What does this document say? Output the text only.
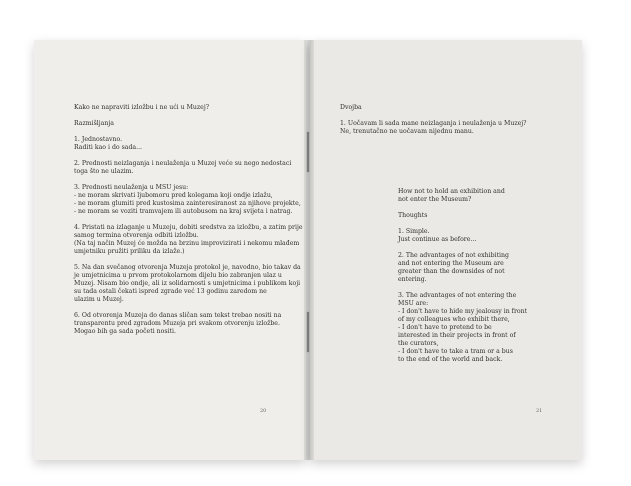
Kako ne napraviti izložbu i ne ući u Muzej?

Razmišljanja

1. Jednostavno.
Raditi kao i do sada...

2. Prednosti neizlaganja i neulaženja u Muzej veće su nego nedostaci
toga što ne ulazim.

3. Prednosti neulaženja u MSU jesu:
- ne moram skrivati ljubomoru pred kolegama koji ondje izlažu,
- ne moram glumiti pred kustosima zainteresiranost za njihove projekte,
- ne moram se voziti tramvajem ili autobusom na kraj svijeta i natrag.

4. Pristati na izlaganje u Muzeju, dobiti sredstva za izložbu, a zatim prije
samog termina otvorenja odbiti izložbu.
(Na taj način Muzej će možda na brzinu improvizirati i nekomu mlađem
umjetniku pružiti priliku da izlaže.)

5. Na dan svečanog otvorenja Muzeja protokol je, navodno, bio takav da
je umjetnicima u prvom protokolarnom dijelu bio zabranjen ulaz u
Muzej. Nisam bio ondje, ali iz solidarnosti s umjetnicima i publikom koji
su tada ostali čekati ispred zgrade već 13 godinu zaredom ne
ulazim u Muzej.

6. Od otvorenja Muzeja do danas sličan sam tekst trebao nositi na
transparentu pred zgradom Muzeja pri svakom otvorenju izložbe.
Mogao bih ga sada početi nositi.
20
Dvojba

1. Uočavam li sada mane neizlaganja i neulaženja u Muzej?
Ne, trenutačno ne uočavam nijednu manu.
How not to hold an exhibition and
not enter the Museum?

Thoughts

1. Simple.
Just continue as before...

2. The advantages of not exhibiting
and not entering the Museum are
greater than the downsides of not
entering.

3. The advantages of not entering the
MSU are:
- I don't have to hide my jealousy in front
of my colleagues who exhibit there,
- I don't have to pretend to be
interested in their projects in front of
the curators,
- I don't have to take a tram or a bus
to the end of the world and back.
21
